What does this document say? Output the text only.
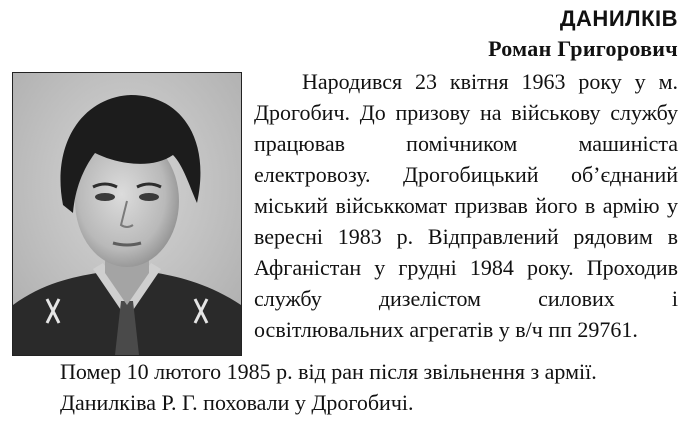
ДАНИЛКІВ
Роман Григорович

Народився 23 квітня 1963 року у м. Дрогобич. До призову на військову службу працював помічником машиніста електровозу. Дрогобицький об’єднаний міський військкомат призвав його в армію у вересні 1983 р. Відправлений рядовим в Афганістан у грудні 1984 року. Проходив службу дизелістом силових і освітлювальних агрегатів у в/ч пп 29761.

Помер 10 лютого 1985 р. від ран після звільнення з армії.

Данилківа Р. Г. поховали у Дрогобичі.
